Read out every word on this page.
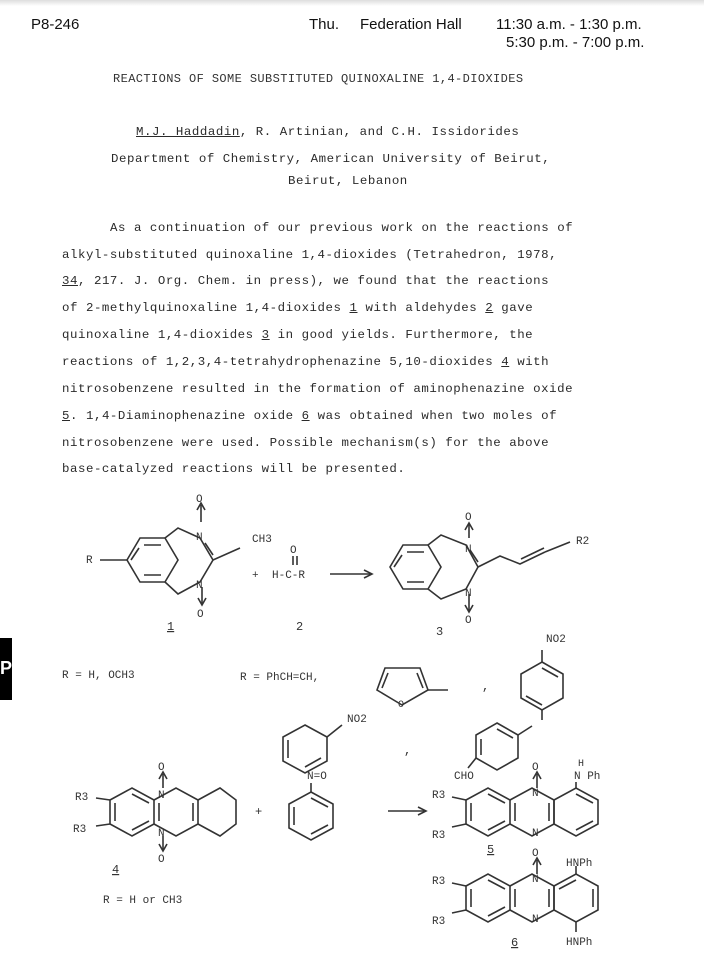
P8-246	Thu. Federation Hall 11:30 a.m. - 1:30 p.m.
5:30 p.m. - 7:00 p.m.
REACTIONS OF SOME SUBSTITUTED QUINOXALINE 1,4-DIOXIDES
M.J. Haddadin, R. Artinian, and C.H. Issidorides
Department of Chemistry, American University of Beirut,
Beirut, Lebanon
As a continuation of our previous work on the reactions of
alkyl-substituted quinoxaline 1,4-dioxides (Tetrahedron, 1978,
34, 217. J. Org. Chem. in press), we found that the reactions
of 2-methylquinoxaline 1,4-dioxides 1 with aldehydes 2 gave
quinoxaline 1,4-dioxides 3 in good yields. Furthermore, the
reactions of 1,2,3,4-tetrahydrophenazine 5,10-dioxides 4 with
nitrosobenzene resulted in the formation of aminophenazine oxide
5. 1,4-Diaminophenazine oxide 6 was obtained when two moles of
nitrosobenzene were used. Possible mechanism(s) for the above
base-catalyzed reactions will be presented.
O
N
N
O
R
CH3
1
O
+ H-C-R
2
O
N
N
O
R2
3
R = H, OCH3	R = PhCH=CH,
O
,
NO2
NO2
,
CHO
O
N
N
O
R3
R3
4
R = H or CH3
+
N=O
O
N
N
H
N Ph
R3
R3
5	O
N
N
HNPh
HNPh
R3
R3
6
P
